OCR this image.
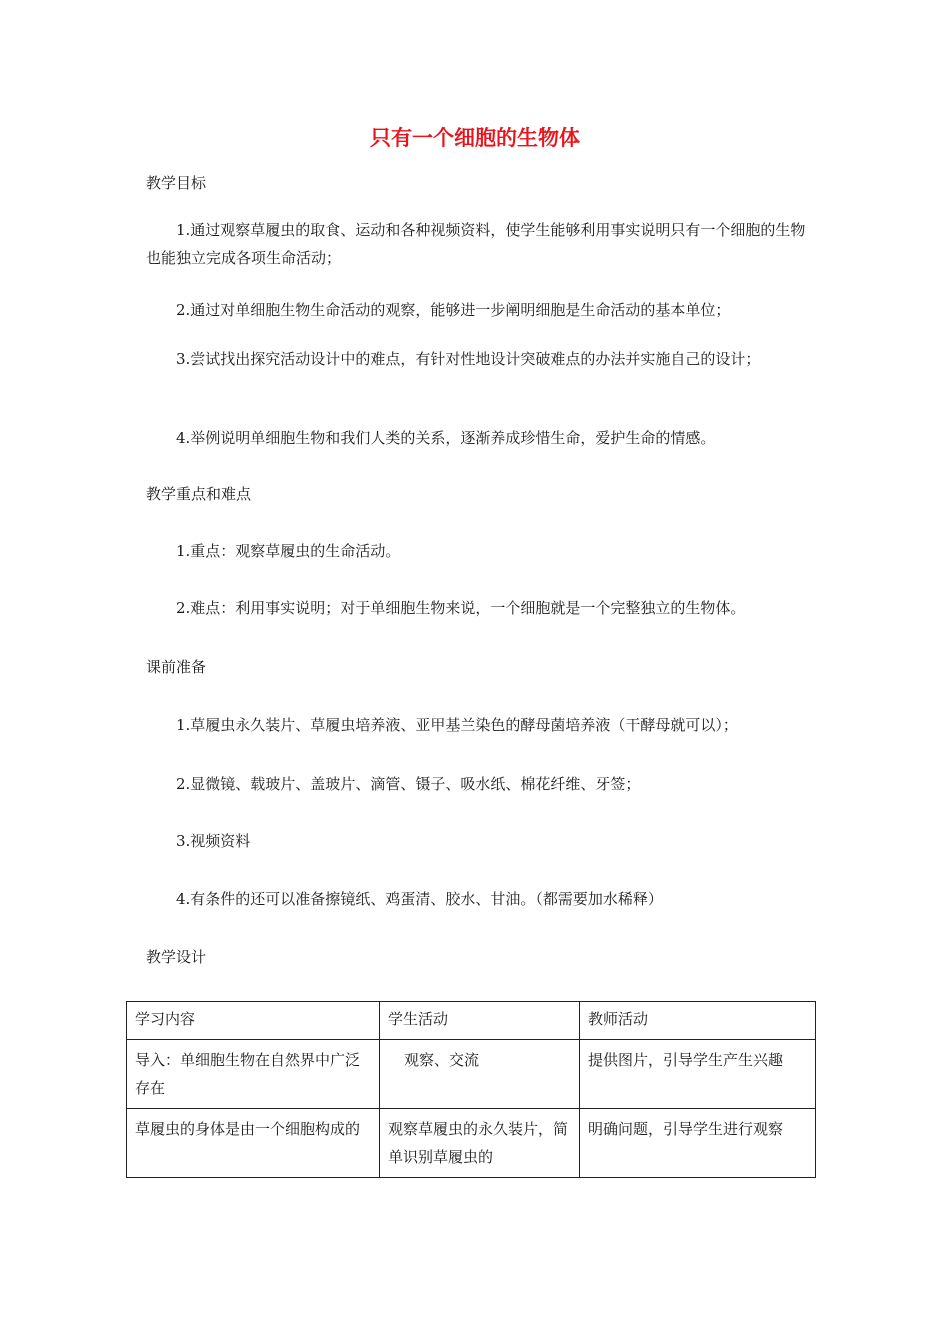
只有一个细胞的生物体
教学目标
1.通过观察草履虫的取食、运动和各种视频资料，使学生能够利用事实说明只有一个细胞的生物也能独立完成各项生命活动；
2.通过对单细胞生物生命活动的观察，能够进一步阐明细胞是生命活动的基本单位；
3.尝试找出探究活动设计中的难点，有针对性地设计突破难点的办法并实施自己的设计；
4.举例说明单细胞生物和我们人类的关系，逐渐养成珍惜生命，爱护生命的情感。
教学重点和难点
1.重点：观察草履虫的生命活动。
2.难点：利用事实说明；对于单细胞生物来说，一个细胞就是一个完整独立的生物体。
课前准备
1.草履虫永久装片、草履虫培养液、亚甲基兰染色的酵母菌培养液（干酵母就可以）；
2.显微镜、载玻片、盖玻片、滴管、镊子、吸水纸、棉花纤维、牙签；
3.视频资料
4.有条件的还可以准备擦镜纸、鸡蛋清、胶水、甘油。（都需要加水稀释）
教学设计
学习内容	学生活动	教师活动
导入：单细胞生物在自然界中广泛存在	观察、交流	提供图片，引导学生产生兴趣
草履虫的身体是由一个细胞构成的	观察草履虫的永久装片，简单识别草履虫的	明确问题，引导学生进行观察
